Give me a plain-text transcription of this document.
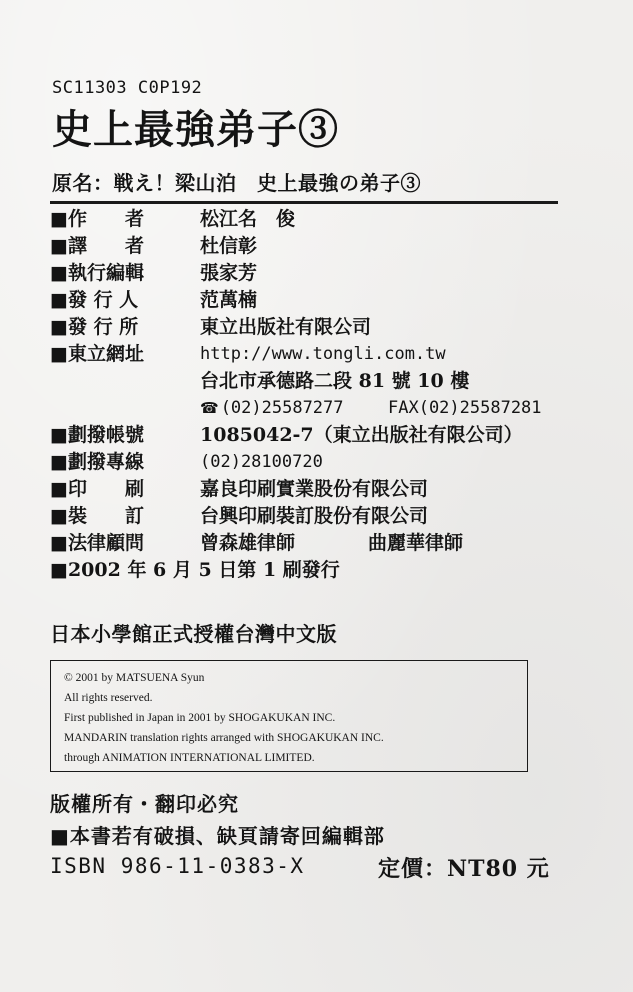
SC11303 C0P192
史上最強弟子③
原名：戦え！梁山泊　史上最強の弟子③
■作　　者	松江名　俊
■譯　　者	杜信彰
■執行編輯	張家芳
■發 行 人	范萬楠
■發 行 所	東立出版社有限公司
■東立網址	http://www.tongli.com.tw
台北市承德路二段 81 號 10 樓
☎ (02)25587277	FAX(02)25587281
■劃撥帳號	1085042-7（東立出版社有限公司）
■劃撥專線	(02)28100720
■印　　刷	嘉良印刷實業股份有限公司
■裝　　訂	台興印刷裝訂股份有限公司
■法律顧問	曾森雄律師	曲麗華律師
■2002 年 6 月 5 日第 1 刷發行
日本小學館正式授權台灣中文版
© 2001 by MATSUENA Syun
All rights reserved.
First published in Japan in 2001 by SHOGAKUKAN INC.
MANDARIN translation rights arranged with SHOGAKUKAN INC.
through ANIMATION INTERNATIONAL LIMITED.
版權所有・翻印必究
■本書若有破損、缺頁請寄回編輯部
ISBN 986-11-0383-X	定價：NT80 元
